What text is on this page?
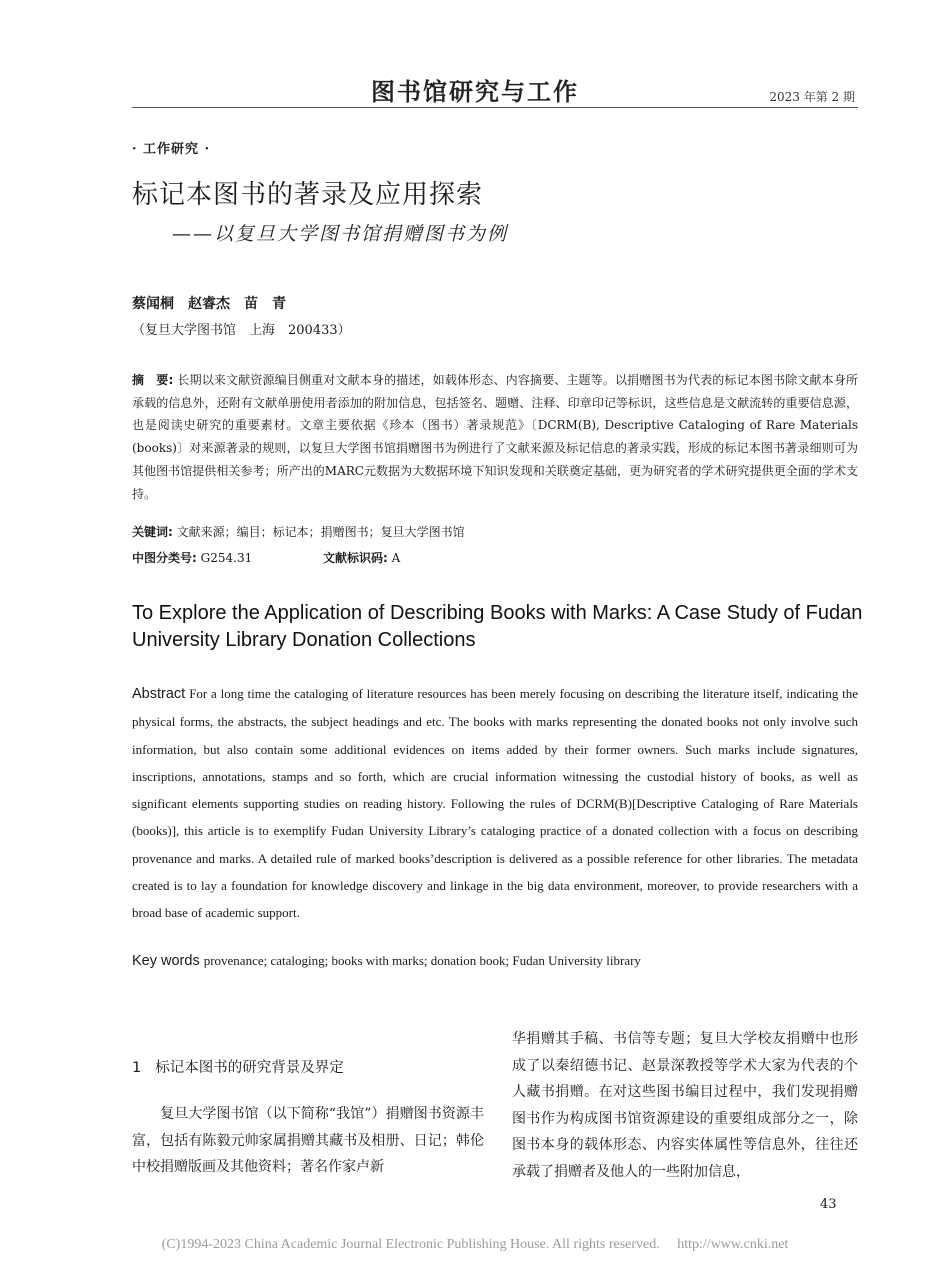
图书馆研究与工作	2023 年第 2 期
· 工作研究 ·
标记本图书的著录及应用探索
——以复旦大学图书馆捐赠图书为例
蔡闻桐　赵睿杰　苗　青
（复旦大学图书馆　上海　200433）
摘　要: 长期以来文献资源编目侧重对文献本身的描述，如载体形态、内容摘要、主题等。以捐赠图书为代表的标记本图书除文献本身所承载的信息外，还附有文献单册使用者添加的附加信息，包括签名、题赠、注释、印章印记等标识，这些信息是文献流转的重要信息源，也是阅读史研究的重要素材。文章主要依据《珍本（图书）著录规范》〔DCRM(B), Descriptive Cataloging of Rare Materials (books)〕对来源著录的规则，以复旦大学图书馆捐赠图书为例进行了文献来源及标记信息的著录实践，形成的标记本图书著录细则可为其他图书馆提供相关参考；所产出的MARC元数据为大数据环境下知识发现和关联奠定基础，更为研究者的学术研究提供更全面的学术支持。
关键词: 文献来源；编目；标记本；捐赠图书；复旦大学图书馆
中图分类号: G254.31	文献标识码: A
To Explore the Application of Describing Books with Marks: A Case Study of Fudan University Library Donation Collections
Abstract For a long time the cataloging of literature resources has been merely focusing on describing the literature itself, indicating the physical forms, the abstracts, the subject headings and etc. The books with marks representing the donated books not only involve such information, but also contain some additional evidences on items added by their former owners. Such marks include signatures, inscriptions, annotations, stamps and so forth, which are crucial information witnessing the custodial history of books, as well as significant elements supporting studies on reading history. Following the rules of DCRM(B)[Descriptive Cataloging of Rare Materials (books)], this article is to exemplify Fudan University Library’s cataloging practice of a donated collection with a focus on describing provenance and marks. A detailed rule of marked books’description is delivered as a possible reference for other libraries. The metadata created is to lay a foundation for knowledge discovery and linkage in the big data environment, moreover, to provide researchers with a broad base of academic support.
Key words provenance; cataloging; books with marks; donation book; Fudan University library
1 标记本图书的研究背景及界定
　　复旦大学图书馆（以下简称“我馆”）捐赠图书资源丰富，包括有陈毅元帅家属捐赠其藏书及相册、日记；韩伦中校捐赠版画及其他资料；著名作家卢新
华捐赠其手稿、书信等专题；复旦大学校友捐赠中也形成了以秦绍德书记、赵景深教授等学术大家为代表的个人藏书捐赠。在对这些图书编目过程中，我们发现捐赠图书作为构成图书馆资源建设的重要组成部分之一，除图书本身的载体形态、内容实体属性等信息外，往往还承载了捐赠者及他人的一些附加信息，
43
(C)1994-2023 China Academic Journal Electronic Publishing House. All rights reserved.　 http://www.cnki.net
